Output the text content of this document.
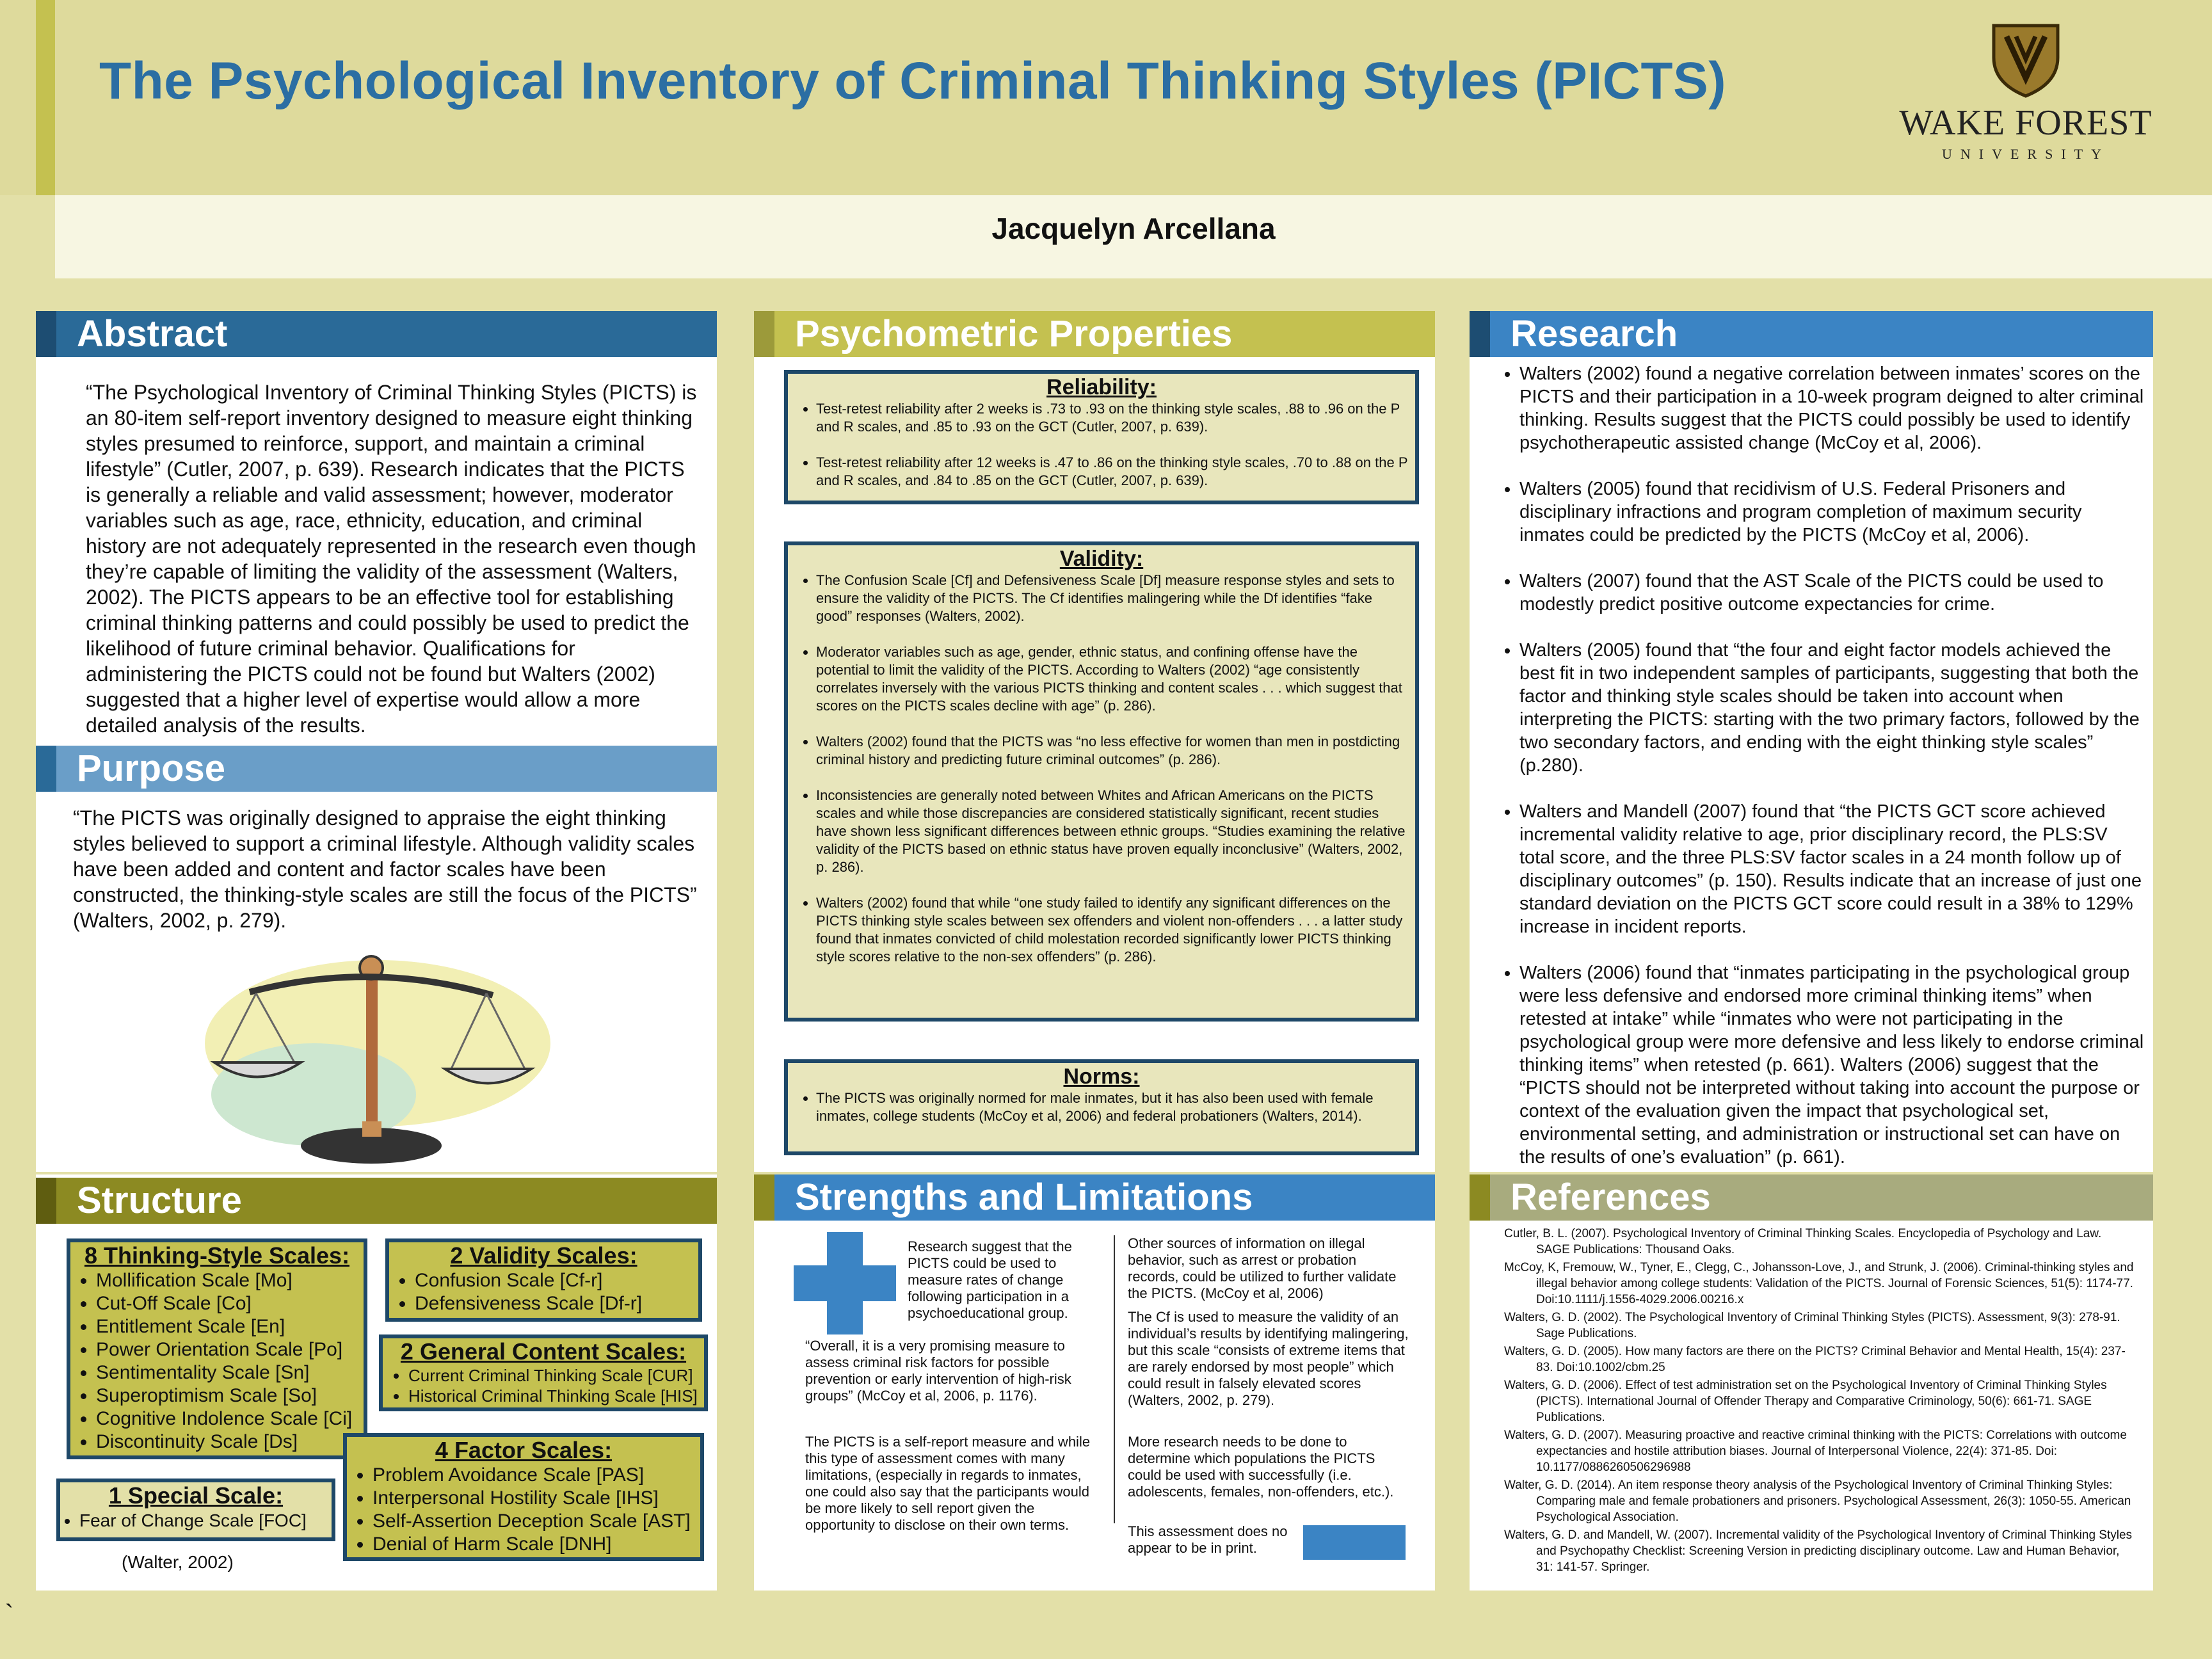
The Psychological Inventory of Criminal Thinking Styles (PICTS)
WAKE FOREST
UNIVERSITY
Jacquelyn Arcellana
Abstract
“The Psychological Inventory of Criminal Thinking Styles (PICTS) is an 80-item self-report inventory designed to measure eight thinking styles presumed to reinforce, support, and maintain a criminal lifestyle” (Cutler, 2007, p. 639). Research indicates that the PICTS is generally a reliable and valid assessment; however, moderator variables such as age, race, ethnicity, education, and criminal history are not adequately represented in the research even though they’re capable of limiting the validity of the assessment (Walters, 2002). The PICTS appears to be an effective tool for establishing criminal thinking patterns and could possibly be used to predict the likelihood of future criminal behavior. Qualifications for administering the PICTS could not be found but Walters (2002) suggested that a higher level of expertise would allow a more detailed analysis of the results.
Purpose
“The PICTS was originally designed to appraise the eight thinking styles believed to support a criminal lifestyle. Although validity scales have been added and content and factor scales have been constructed, the thinking-style scales are still the focus of the PICTS” (Walters, 2002, p. 279).
Structure
8 Thinking-Style Scales:
• Mollification Scale [Mo]
• Cut-Off Scale [Co]
• Entitlement Scale [En]
• Power Orientation Scale [Po]
• Sentimentality Scale [Sn]
• Superoptimism Scale [So]
• Cognitive Indolence Scale [Ci]
• Discontinuity Scale [Ds]
2 Validity Scales:
• Confusion Scale [Cf-r]
• Defensiveness Scale [Df-r]
2 General Content Scales:
• Current Criminal Thinking Scale [CUR]
• Historical Criminal Thinking Scale [HIS]
4 Factor Scales:
• Problem Avoidance Scale [PAS]
• Interpersonal Hostility Scale [IHS]
• Self-Assertion Deception Scale [AST]
• Denial of Harm Scale [DNH]
1 Special Scale:
• Fear of Change Scale [FOC]
(Walter, 2002)
Psychometric Properties
Reliability:
• Test-retest reliability after 2 weeks is .73 to .93 on the thinking style scales, .88 to .96 on the P and R scales, and .85 to .93 on the GCT (Cutler, 2007, p. 639).
• Test-retest reliability after 12 weeks is .47 to .86 on the thinking style scales, .70 to .88 on the P and R scales, and .84 to .85 on the GCT (Cutler, 2007, p. 639).
Validity:
• The Confusion Scale [Cf] and Defensiveness Scale [Df] measure response styles and sets to ensure the validity of the PICTS. The Cf identifies malingering while the Df identifies “fake good” responses (Walters, 2002).
• Moderator variables such as age, gender, ethnic status, and confining offense have the potential to limit the validity of the PICTS. According to Walters (2002) “age consistently correlates inversely with the various PICTS thinking and content scales . . . which suggest that scores on the PICTS scales decline with age” (p. 286).
• Walters (2002) found that the PICTS was “no less effective for women than men in postdicting criminal history and predicting future criminal outcomes” (p. 286).
• Inconsistencies are generally noted between Whites and African Americans on the PICTS scales and while those discrepancies are considered statistically significant, recent studies have shown less significant differences between ethnic groups. “Studies examining the relative validity of the PICTS based on ethnic status have proven equally inconclusive” (Walters, 2002, p. 286).
• Walters (2002) found that while “one study failed to identify any significant differences on the PICTS thinking style scales between sex offenders and violent non-offenders . . . a latter study found that inmates convicted of child molestation recorded significantly lower PICTS thinking style scores relative to the non-sex offenders” (p. 286).
Norms:
• The PICTS was originally normed for male inmates, but it has also been used with female inmates, college students (McCoy et al, 2006) and federal probationers (Walters, 2014).
Strengths and Limitations
Research suggest that the PICTS could be used to measure rates of change following participation in a psychoeducational group.
“Overall, it is a very promising measure to assess criminal risk factors for possible prevention or early intervention of high-risk groups” (McCoy et al, 2006, p. 1176).
The PICTS is a self-report measure and while this type of assessment comes with many limitations, (especially in regards to inmates, one could also say that the participants would be more likely to sell report given the opportunity to disclose on their own terms.
Other sources of information on illegal behavior, such as arrest or probation records, could be utilized to further validate the PICTS. (McCoy et al, 2006)
The Cf is used to measure the validity of an individual’s results by identifying malingering, but this scale “consists of extreme items that are rarely endorsed by most people” which could result in falsely elevated scores (Walters, 2002, p. 279).
More research needs to be done to determine which populations the PICTS could be used with successfully (i.e. adolescents, females, non-offenders, etc.).
This assessment does no
appear to be in print.
Research
• Walters (2002) found a negative correlation between inmates’ scores on the PICTS and their participation in a 10-week program deigned to alter criminal thinking. Results suggest that the PICTS could possibly be used to identify psychotherapeutic assisted change (McCoy et al, 2006).
• Walters (2005) found that recidivism of U.S. Federal Prisoners and disciplinary infractions and program completion of maximum security inmates could be predicted by the PICTS (McCoy et al, 2006).
• Walters (2007) found that the AST Scale of the PICTS could be used to modestly predict positive outcome expectancies for crime.
• Walters (2005) found that “the four and eight factor models achieved the best fit in two independent samples of participants, suggesting that both the factor and thinking style scales should be taken into account when interpreting the PICTS: starting with the two primary factors, followed by the two secondary factors, and ending with the eight thinking style scales” (p.280).
• Walters and Mandell (2007) found that “the PICTS GCT score achieved incremental validity relative to age, prior disciplinary record, the PLS:SV total score, and the three PLS:SV factor scales in a 24 month follow up of disciplinary outcomes” (p. 150). Results indicate that an increase of just one standard deviation on the PICTS GCT score could result in a 38% to 129% increase in incident reports.
• Walters (2006) found that “inmates participating in the psychological group were less defensive and endorsed more criminal thinking items” when retested at intake” while “inmates who were not participating in the psychological group were more defensive and less likely to endorse criminal thinking items” when retested (p. 661). Walters (2006) suggest that the “PICTS should not be interpreted without taking into account the purpose or context of the evaluation given the impact that psychological set, environmental setting, and administration or instructional set can have on the results of one’s evaluation” (p. 661).
References

Cutler, B. L. (2007). Psychological Inventory of Criminal Thinking Scales. Encyclopedia of Psychology and Law. SAGE Publications: Thousand Oaks.

McCoy, K, Fremouw, W., Tyner, E., Clegg, C., Johansson-Love, J., and Strunk, J. (2006). Criminal-thinking styles and illegal behavior among college students: Validation of the PICTS. Journal of Forensic Sciences, 51(5): 1174-77. Doi:10.1111/j.1556-4029.2006.00216.x

Walters, G. D. (2002). The Psychological Inventory of Criminal Thinking Styles (PICTS). Assessment, 9(3): 278-91. Sage Publications.

Walters, G. D. (2005). How many factors are there on the PICTS? Criminal Behavior and Mental Health, 15(4): 237-83. Doi:10.1002/cbm.25

Walters, G. D. (2006). Effect of test administration set on the Psychological Inventory of Criminal Thinking Styles (PICTS). International Journal of Offender Therapy and Comparative Criminology, 50(6): 661-71. SAGE Publications.

Walters, G. D. (2007). Measuring proactive and reactive criminal thinking with the PICTS: Correlations with outcome expectancies and hostile attribution biases. Journal of Interpersonal Violence, 22(4): 371-85. Doi: 10.1177/0886260506296988

Walter, G. D. (2014). An item response theory analysis of the Psychological Inventory of Criminal Thinking Styles: Comparing male and female probationers and prisoners. Psychological Assessment, 26(3): 1050-55. American Psychological Association.

Walters, G. D. and Mandell, W. (2007). Incremental validity of the Psychological Inventory of Criminal Thinking Styles and Psychopathy Checklist: Screening Version in predicting disciplinary outcome. Law and Human Behavior, 31: 141-57. Springer.

`
